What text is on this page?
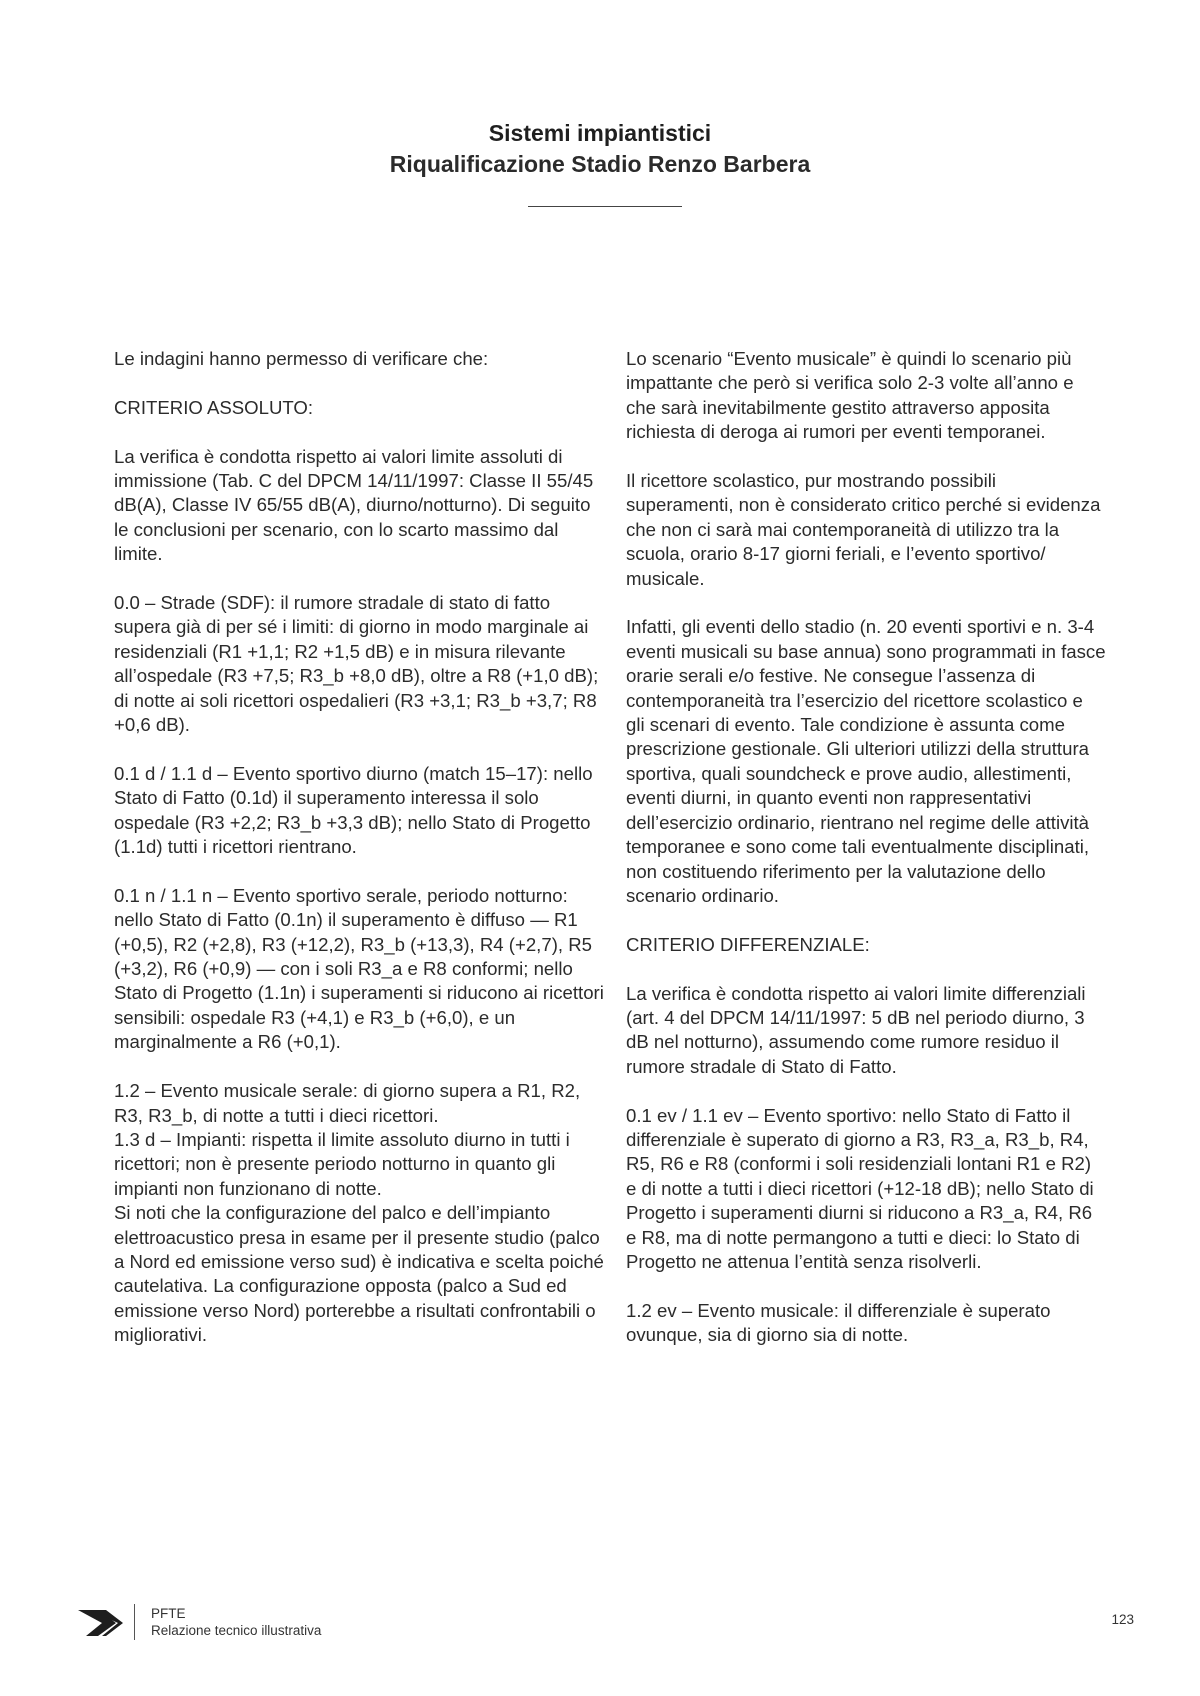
Sistemi impiantistici
Riqualificazione Stadio Renzo Barbera

Le indagini hanno permesso di verificare che:

CRITERIO ASSOLUTO:

La verifica è condotta rispetto ai valori limite assoluti di immissione (Tab. C del DPCM 14/11/1997: Classe II 55/45 dB(A), Classe IV 65/55 dB(A), diurno/notturno). Di seguito le conclusioni per scenario, con lo scarto massimo dal limite.

0.0 – Strade (SDF): il rumore stradale di stato di fatto supera già di per sé i limiti: di giorno in modo marginale ai residenziali (R1 +1,1; R2 +1,5 dB) e in misura rilevante all’ospedale (R3 +7,5; R3_b +8,0 dB), oltre a R8 (+1,0 dB); di notte ai soli ricettori ospedalieri (R3 +3,1; R3_b +3,7; R8 +0,6 dB).

0.1 d / 1.1 d – Evento sportivo diurno (match 15–17): nello Stato di Fatto (0.1d) il superamento interessa il solo ospedale (R3 +2,2; R3_b +3,3 dB); nello Stato di Progetto (1.1d) tutti i ricettori rientrano.

0.1 n / 1.1 n – Evento sportivo serale, periodo notturno: nello Stato di Fatto (0.1n) il superamento è diffuso — R1 (+0,5), R2 (+2,8), R3 (+12,2), R3_b (+13,3), R4 (+2,7), R5 (+3,2), R6 (+0,9) — con i soli R3_a e R8 conformi; nello Stato di Progetto (1.1n) i superamenti si riducono ai ricettori sensibili: ospedale R3 (+4,1) e R3_b (+6,0), e un marginalmente a R6 (+0,1).

1.2 – Evento musicale serale: di giorno supera a R1, R2, R3, R3_b, di notte a tutti i dieci ricettori.

1.3 d – Impianti: rispetta il limite assoluto diurno in tutti i ricettori; non è presente periodo notturno in quanto gli impianti non funzionano di notte.

Si noti che la configurazione del palco e dell’impianto elettroacustico presa in esame per il presente studio (palco a Nord ed emissione verso sud) è indicativa e scelta poiché cautelativa. La configurazione opposta (palco a Sud ed emissione verso Nord) porterebbe a risultati confrontabili o migliorativi.

Lo scenario “Evento musicale” è quindi lo scenario più impattante che però si verifica solo 2-3 volte all’anno e che sarà inevitabilmente gestito attraverso apposita richiesta di deroga ai rumori per eventi temporanei.

Il ricettore scolastico, pur mostrando possibili superamenti, non è considerato critico perché si evidenza che non ci sarà mai contemporaneità di utilizzo tra la scuola, orario 8-17 giorni feriali, e l’evento sportivo/ musicale.

Infatti, gli eventi dello stadio (n. 20 eventi sportivi e n. 3-4 eventi musicali su base annua) sono programmati in fasce orarie serali e/o festive. Ne consegue l’assenza di contemporaneità tra l’esercizio del ricettore scolastico e gli scenari di evento. Tale condizione è assunta come prescrizione gestionale. Gli ulteriori utilizzi della struttura sportiva, quali soundcheck e prove audio, allestimenti, eventi diurni, in quanto eventi non rappresentativi dell’esercizio ordinario, rientrano nel regime delle attività temporanee e sono come tali eventualmente disciplinati, non costituendo riferimento per la valutazione dello scenario ordinario.

CRITERIO DIFFERENZIALE:

La verifica è condotta rispetto ai valori limite differenziali (art. 4 del DPCM 14/11/1997: 5 dB nel periodo diurno, 3 dB nel notturno), assumendo come rumore residuo il rumore stradale di Stato di Fatto.

0.1 ev / 1.1 ev – Evento sportivo: nello Stato di Fatto il differenziale è superato di giorno a R3, R3_a, R3_b, R4, R5, R6 e R8 (conformi i soli residenziali lontani R1 e R2) e di notte a tutti i dieci ricettori (+12-18 dB); nello Stato di Progetto i superamenti diurni si riducono a R3_a, R4, R6 e R8, ma di notte permangono a tutti e dieci: lo Stato di Progetto ne attenua l’entità senza risolverli.

1.2 ev – Evento musicale: il differenziale è superato ovunque, sia di giorno sia di notte.

PFTE
Relazione tecnico illustrativa
123
